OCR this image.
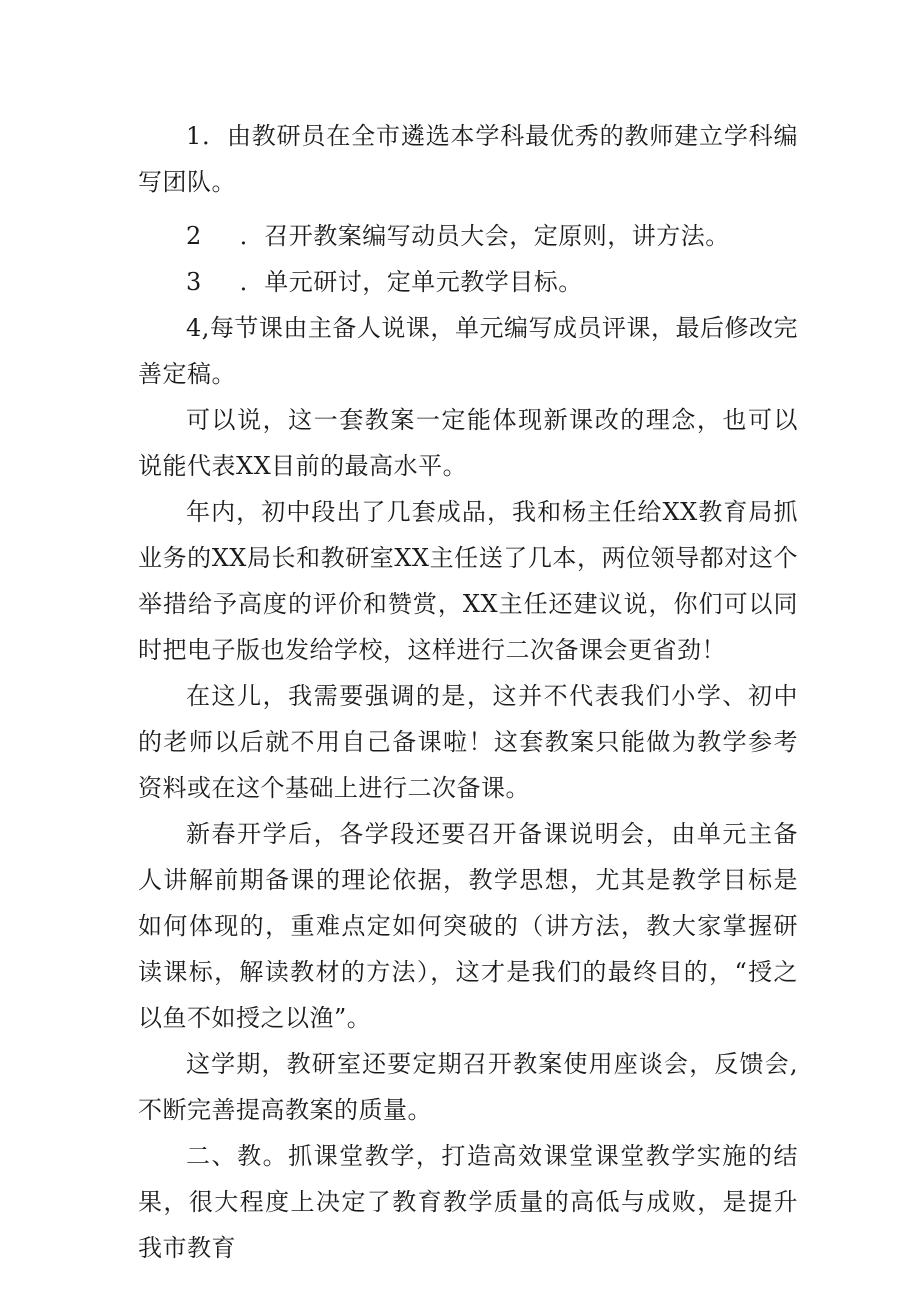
1．由教研员在全市遴选本学科最优秀的教师建立学科编写团队。

2 ．召开教案编写动员大会，定原则，讲方法。

3 ．单元研讨，定单元教学目标。

4,每节课由主备人说课，单元编写成员评课，最后修改完善定稿。

可以说，这一套教案一定能体现新课改的理念，也可以说能代表XX目前的最高水平。

年内，初中段出了几套成品，我和杨主任给XX教育局抓业务的XX局长和教研室XX主任送了几本，两位领导都对这个举措给予高度的评价和赞赏，XX主任还建议说，你们可以同时把电子版也发给学校，这样进行二次备课会更省劲！

在这儿，我需要强调的是，这并不代表我们小学、初中的老师以后就不用自己备课啦！这套教案只能做为教学参考资料或在这个基础上进行二次备课。

新春开学后，各学段还要召开备课说明会，由单元主备人讲解前期备课的理论依据，教学思想，尤其是教学目标是如何体现的，重难点定如何突破的（讲方法，教大家掌握研读课标，解读教材的方法），这才是我们的最终目的，“授之以鱼不如授之以渔”。

这学期，教研室还要定期召开教案使用座谈会，反馈会,不断完善提高教案的质量。

二、教。抓课堂教学，打造高效课堂课堂教学实施的结果，很大程度上决定了教育教学质量的高低与成败，是提升我市教育
